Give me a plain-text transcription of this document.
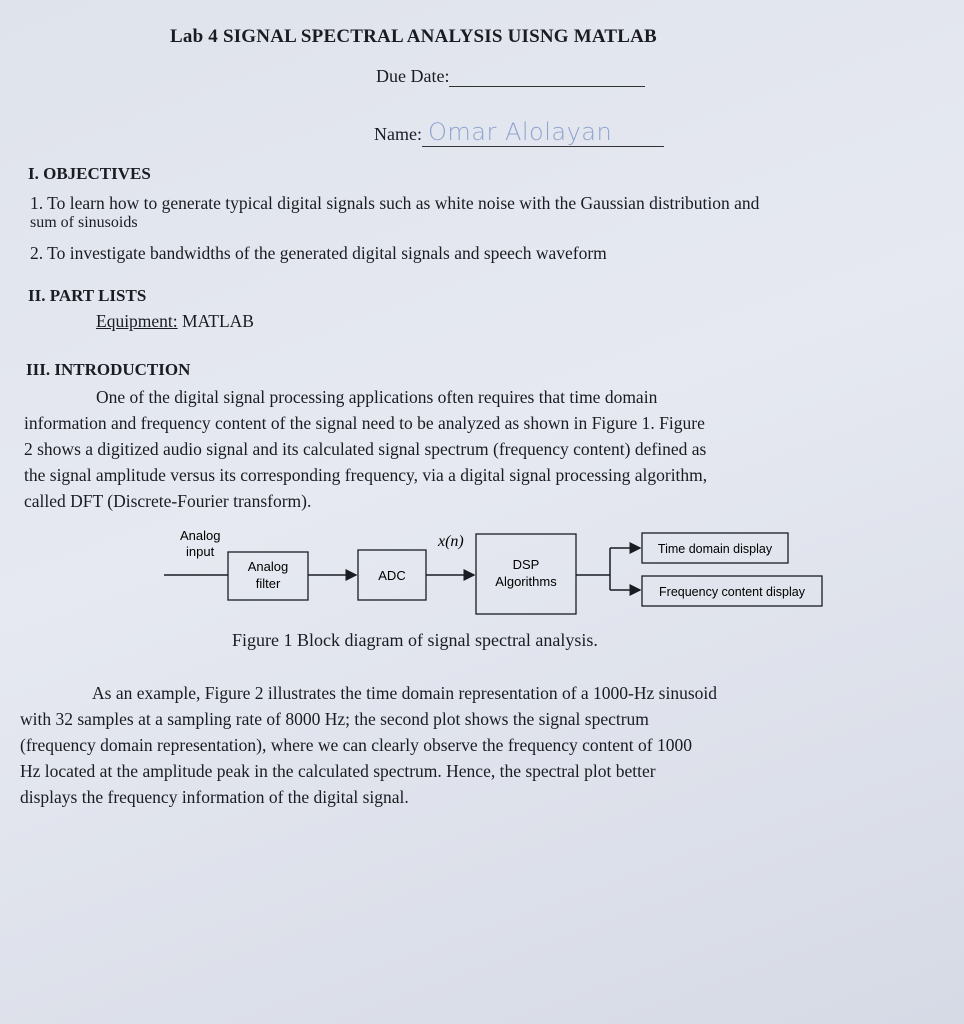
Lab 4 SIGNAL SPECTRAL ANALYSIS UISNG MATLAB
Due Date:
Name: Omar Alolayan
I. OBJECTIVES
1. To learn how to generate typical digital signals such as white noise with the Gaussian distribution and
sum of sinusoids
2. To investigate bandwidths of the generated digital signals and speech waveform
II. PART LISTS
Equipment: MATLAB
III. INTRODUCTION
One of the digital signal processing applications often requires that time domain
information and frequency content of the signal need to be analyzed as shown in Figure 1. Figure
2 shows a digitized audio signal and its calculated signal spectrum (frequency content) defined as
the signal amplitude versus its corresponding frequency, via a digital signal processing algorithm,
called DFT (Discrete-Fourier transform).
Analog
input
Analog
filter
ADC
x(n)
DSP
Algorithms
Time domain display
Frequency content display
Figure 1 Block diagram of signal spectral analysis.
As an example, Figure 2 illustrates the time domain representation of a 1000-Hz sinusoid
with 32 samples at a sampling rate of 8000 Hz; the second plot shows the signal spectrum
(frequency domain representation), where we can clearly observe the frequency content of 1000
Hz located at the amplitude peak in the calculated spectrum. Hence, the spectral plot better
displays the frequency information of the digital signal.
